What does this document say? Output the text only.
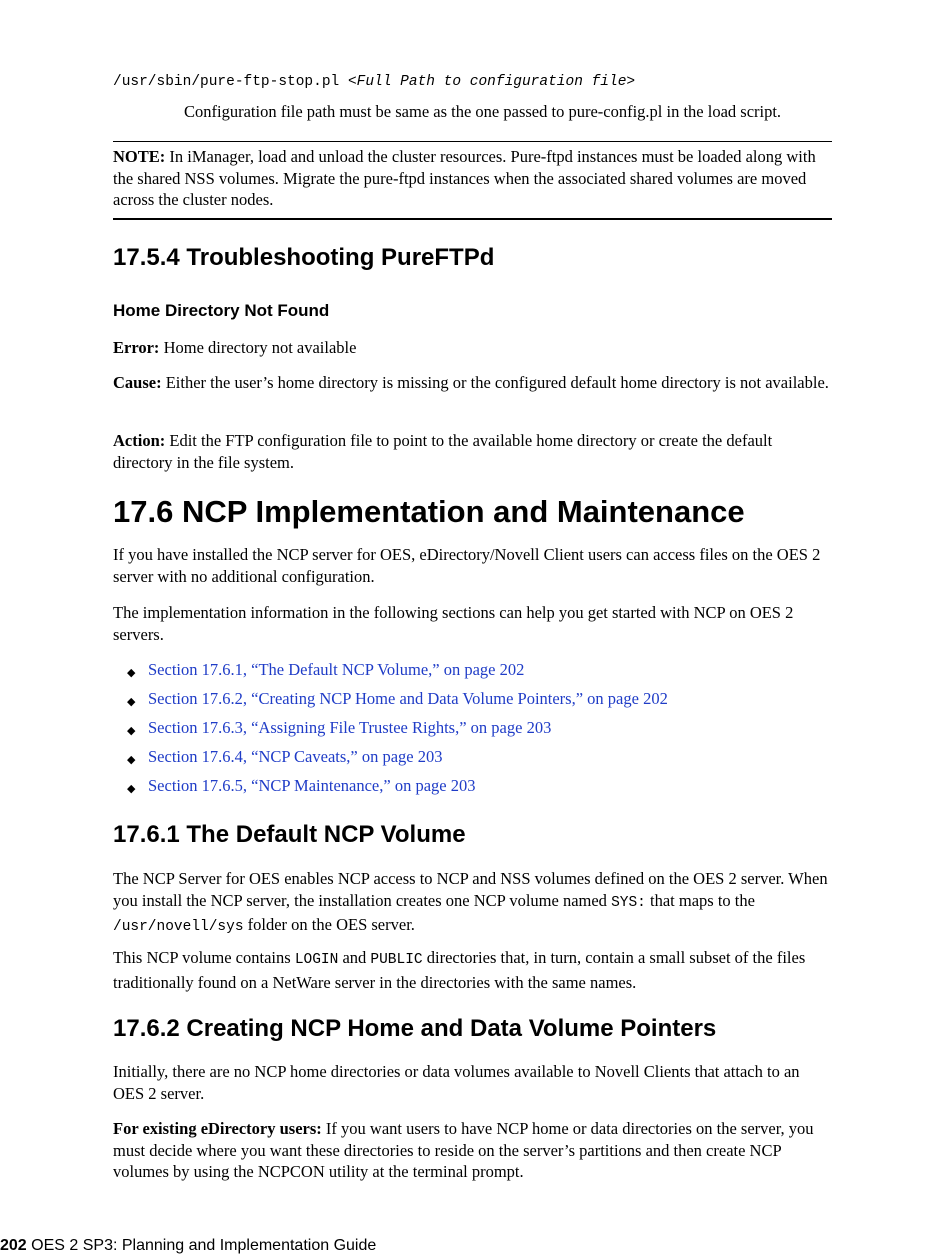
/usr/sbin/pure-ftp-stop.pl <Full Path to configuration file>
Configuration file path must be same as the one passed to pure-config.pl in the load script.
NOTE: In iManager, load and unload the cluster resources. Pure-ftpd instances must be loaded along with the shared NSS volumes. Migrate the pure-ftpd instances when the associated shared volumes are moved across the cluster nodes.
17.5.4 Troubleshooting PureFTPd
Home Directory Not Found

Error: Home directory not available

Cause: Either the user’s home directory is missing or the configured default home directory is not available.

Action: Edit the FTP configuration file to point to the available home directory or create the default directory in the file system.

17.6 NCP Implementation and Maintenance

If you have installed the NCP server for OES, eDirectory/Novell Client users can access files on the OES 2 server with no additional configuration.

The implementation information in the following sections can help you get started with NCP on OES 2 servers.

◆ Section 17.6.1, “The Default NCP Volume,” on page 202
◆ Section 17.6.2, “Creating NCP Home and Data Volume Pointers,” on page 202
◆ Section 17.6.3, “Assigning File Trustee Rights,” on page 203
◆ Section 17.6.4, “NCP Caveats,” on page 203
◆ Section 17.6.5, “NCP Maintenance,” on page 203
17.6.1 The Default NCP Volume

The NCP Server for OES enables NCP access to NCP and NSS volumes defined on the OES 2 server. When you install the NCP server, the installation creates one NCP volume named SYS: that maps to the /usr/novell/sys folder on the OES server.

This NCP volume contains LOGIN and PUBLIC directories that, in turn, contain a small subset of the files traditionally found on a NetWare server in the directories with the same names.

17.6.2 Creating NCP Home and Data Volume Pointers

Initially, there are no NCP home directories or data volumes available to Novell Clients that attach to an OES 2 server.

For existing eDirectory users: If you want users to have NCP home or data directories on the server, you must decide where you want these directories to reside on the server’s partitions and then create NCP volumes by using the NCPCON utility at the terminal prompt.

202 OES 2 SP3: Planning and Implementation Guide
